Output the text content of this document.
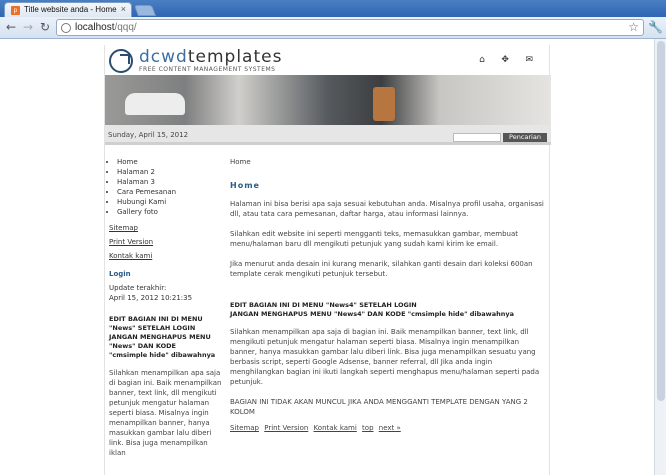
p Title website anda - Home ×
← → ↻ localhost/qqq/	☆ 🔧
dcwdtemplates
FREE CONTENT MANAGEMENT SYSTEMS
⌂ ✥ ✉
Sunday, April 15, 2012	Pencarian
• Home
• Halaman 2
• Halaman 3
• Cara Pemesanan
• Hubungi Kami
• Gallery foto
Sitemap
Print Version
Kontak kami
Login
Update terakhir:
April 15, 2012 10:21:35
EDIT BAGIAN INI DI MENU
"News" SETELAH LOGIN
JANGAN MENGHAPUS MENU
"News" DAN KODE
"cmsimple hide" dibawahnya
Silahkan menampilkan apa saja di bagian ini. Baik menampilkan banner, text link, dll mengikuti petunjuk mengatur halaman seperti biasa. Misalnya ingin menampilkan banner, hanya masukkan gambar lalu diberi link. Bisa juga menampilkan iklan
Home
Home
Halaman ini bisa berisi apa saja sesuai kebutuhan anda. Misalnya profil usaha, organisasi dll, atau tata cara pemesanan, daftar harga, atau informasi lainnya.
Silahkan edit website ini seperti mengganti teks, memasukkan gambar, membuat menu/halaman baru dll mengikuti petunjuk yang sudah kami kirim ke email.
Jika menurut anda desain ini kurang menarik, silahkan ganti desain dari koleksi 600an template cerak mengikuti petunjuk tersebut.
EDIT BAGIAN INI DI MENU "News4" SETELAH LOGIN
JANGAN MENGHAPUS MENU "News4" DAN KODE "cmsimple hide" dibawahnya
Silahkan menampilkan apa saja di bagian ini. Baik menampilkan banner, text link, dll mengikuti petunjuk mengatur halaman seperti biasa. Misalnya ingin menampilkan banner, hanya masukkan gambar lalu diberi link. Bisa juga menampilkan sesuatu yang berbasis script, seperti Google Adsense, banner referral, dll Jika anda ingin menghilangkan bagian ini ikuti langkah seperti menghapus menu/halaman seperti pada petunjuk.
BAGIAN INI TIDAK AKAN MUNCUL JIKA ANDA MENGGANTI TEMPLATE DENGAN YANG 2 KOLOM
Sitemap Print Version Kontak kami top next »
